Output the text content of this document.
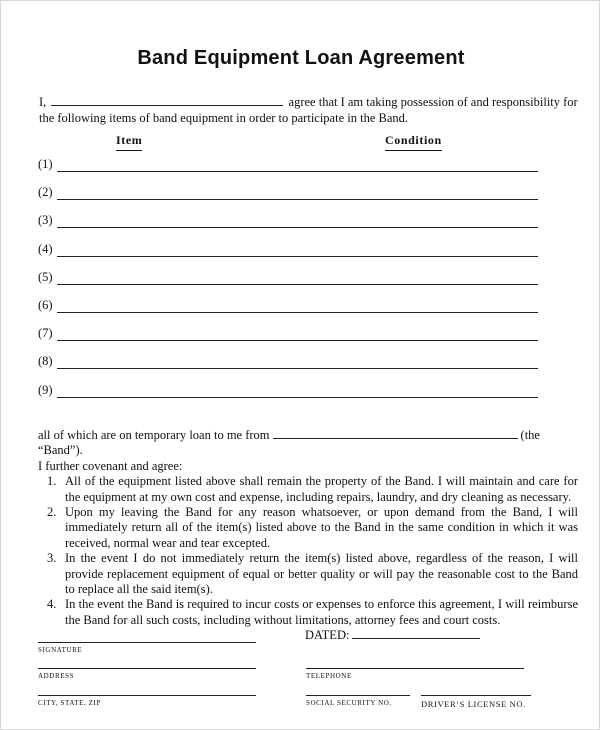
Band Equipment Loan Agreement
I,	agree that I am taking possession of and responsibility for
the following items of band equipment in order to participate in the Band.
Item	Condition
(1)
(2)
(3)
(4)
(5)
(6)
(7)
(8)
(9)
all of which are on temporary loan to me from	(the “Band”).
I further covenant and agree:
1. All of the equipment listed above shall remain the property of the Band. I will maintain and care for the equipment at my own cost and expense, including repairs, laundry, and dry cleaning as necessary.
2. Upon my leaving the Band for any reason whatsoever, or upon demand from the Band, I will immediately return all of the item(s) listed above to the Band in the same condition in which it was received, normal wear and tear excepted.
3. In the event I do not immediately return the item(s) listed above, regardless of the reason, I will provide replacement equipment of equal or better quality or will pay the reasonable cost to the Band to replace all the said item(s).
4. In the event the Band is required to incur costs or expenses to enforce this agreement, I will reimburse the Band for all such costs, including without limitations, attorney fees and court costs.
SIGNATURE
DATED:
ADDRESS	TELEPHONE
CITY, STATE, ZIP	SOCIAL SECURITY NO.	DRIVER’S LICENSE NO.
